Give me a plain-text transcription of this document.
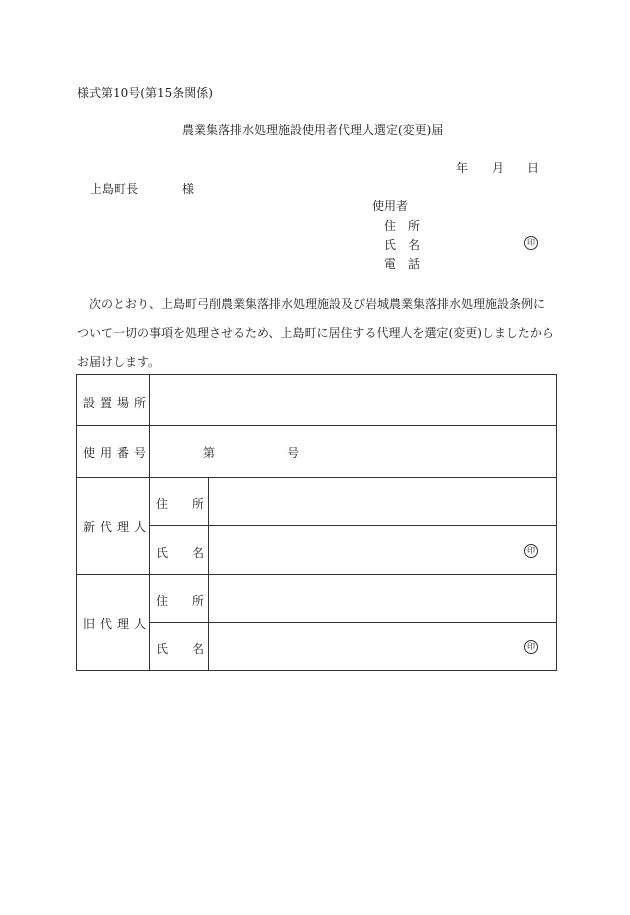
様式第10号(第15条関係)
農業集落排水処理施設使用者代理人選定(変更)届
年 月 日
上島町長	様
使用者
住　所
氏　名	印
電　話
次のとおり、上島町弓削農業集落排水処理施設及び岩城農業集落排水処理施設条例について一切の事項を処理させるため、上島町に居住する代理人を選定(変更)しましたからお届けします。
設置場所
使用番号	第	号
新代理人
住　　所
氏　　名	印
旧代理人
住　　所
氏　　名	印
